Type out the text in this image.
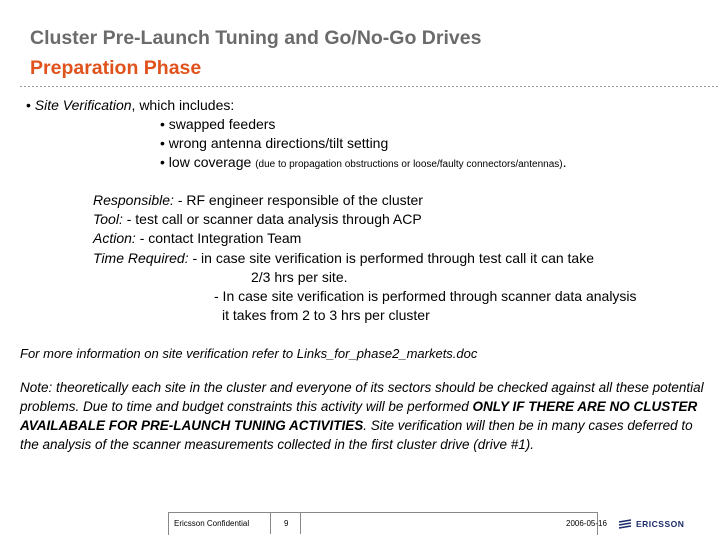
Cluster Pre-Launch Tuning and Go/No-Go Drives
Preparation Phase
• Site Verification, which includes:
• swapped feeders
• wrong antenna directions/tilt setting
• low coverage (due to propagation obstructions or loose/faulty connectors/antennas).
Responsible: - RF engineer responsible of the cluster
Tool: - test call or scanner data analysis through ACP
Action: - contact Integration Team
Time Required: - in case site verification is performed through test call it can take
2/3 hrs per site.
- In case site verification is performed through scanner data analysis
it takes from 2 to 3 hrs per cluster
For more information on site verification refer to Links_for_phase2_markets.doc
Note: theoretically each site in the cluster and everyone of its sectors should be checked against all these potential problems. Due to time and budget constraints this activity will be performed ONLY IF THERE ARE NO CLUSTER AVAILABALE FOR PRE-LAUNCH TUNING ACTIVITIES. Site verification will then be in many cases deferred to the analysis of the scanner measurements collected in the first cluster drive (drive #1).
Ericsson Confidential	9	2006-05-16	ERICSSON
